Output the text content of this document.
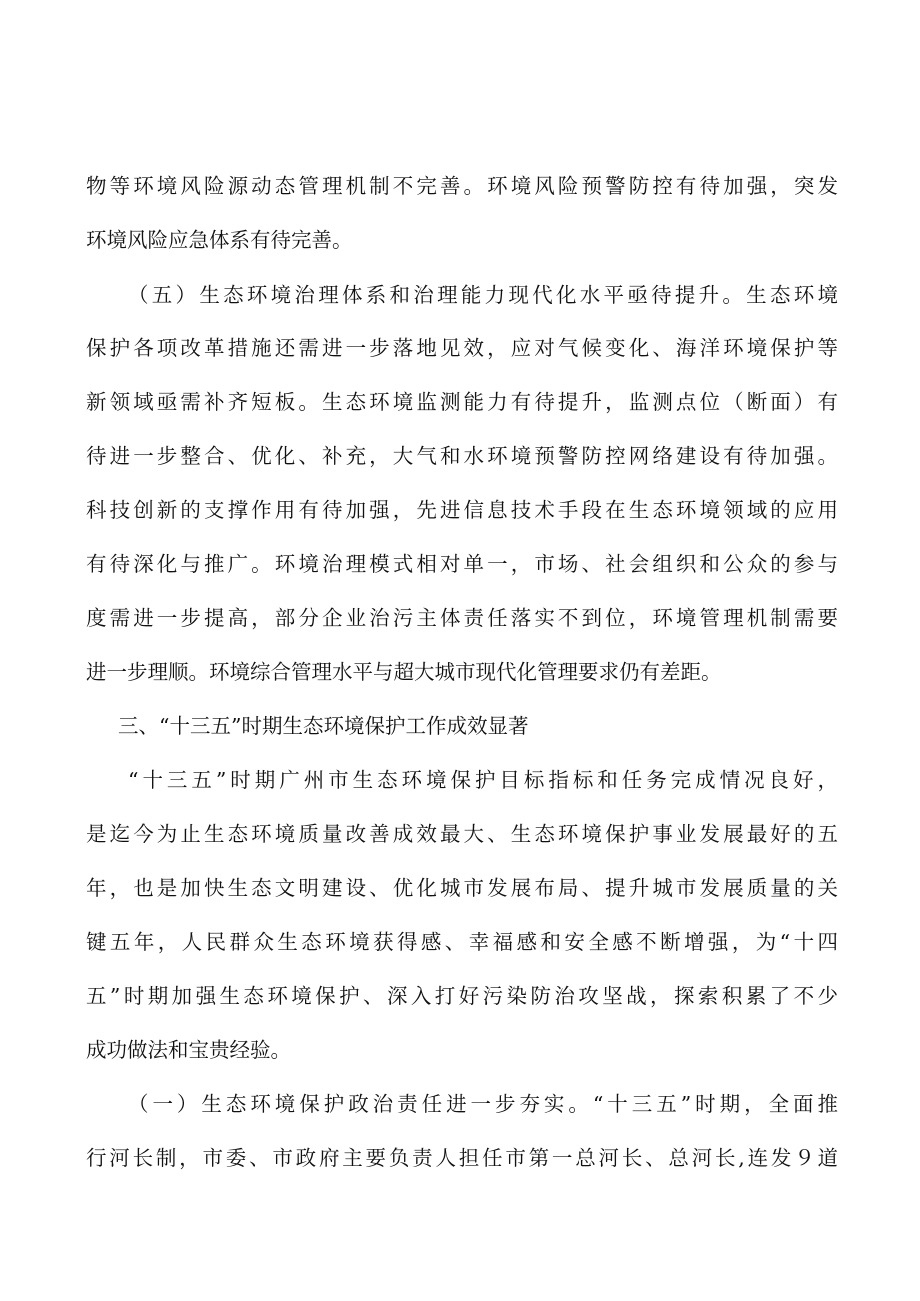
物等环境风险源动态管理机制不完善。环境风险预警防控有待加强，突发
环境风险应急体系有待完善。
（五）生态环境治理体系和治理能力现代化水平亟待提升。生态环境
保护各项改革措施还需进一步落地见效，应对气候变化、海洋环境保护等
新领域亟需补齐短板。生态环境监测能力有待提升，监测点位（断面）有
待进一步整合、优化、补充，大气和水环境预警防控网络建设有待加强。
科技创新的支撑作用有待加强，先进信息技术手段在生态环境领域的应用
有待深化与推广。环境治理模式相对单一，市场、社会组织和公众的参与
度需进一步提高，部分企业治污主体责任落实不到位，环境管理机制需要
进一步理顺。环境综合管理水平与超大城市现代化管理要求仍有差距。
三、“十三五”时期生态环境保护工作成效显著
“十三五”时期广州市生态环境保护目标指标和任务完成情况良好，
是迄今为止生态环境质量改善成效最大、生态环境保护事业发展最好的五
年，也是加快生态文明建设、优化城市发展布局、提升城市发展质量的关
键五年，人民群众生态环境获得感、幸福感和安全感不断增强，为“十四
五”时期加强生态环境保护、深入打好污染防治攻坚战，探索积累了不少
成功做法和宝贵经验。
（一）生态环境保护政治责任进一步夯实。“十三五”时期，全面推
行河长制，市委、市政府主要负责人担任市第一总河长、总河长,连发９道
